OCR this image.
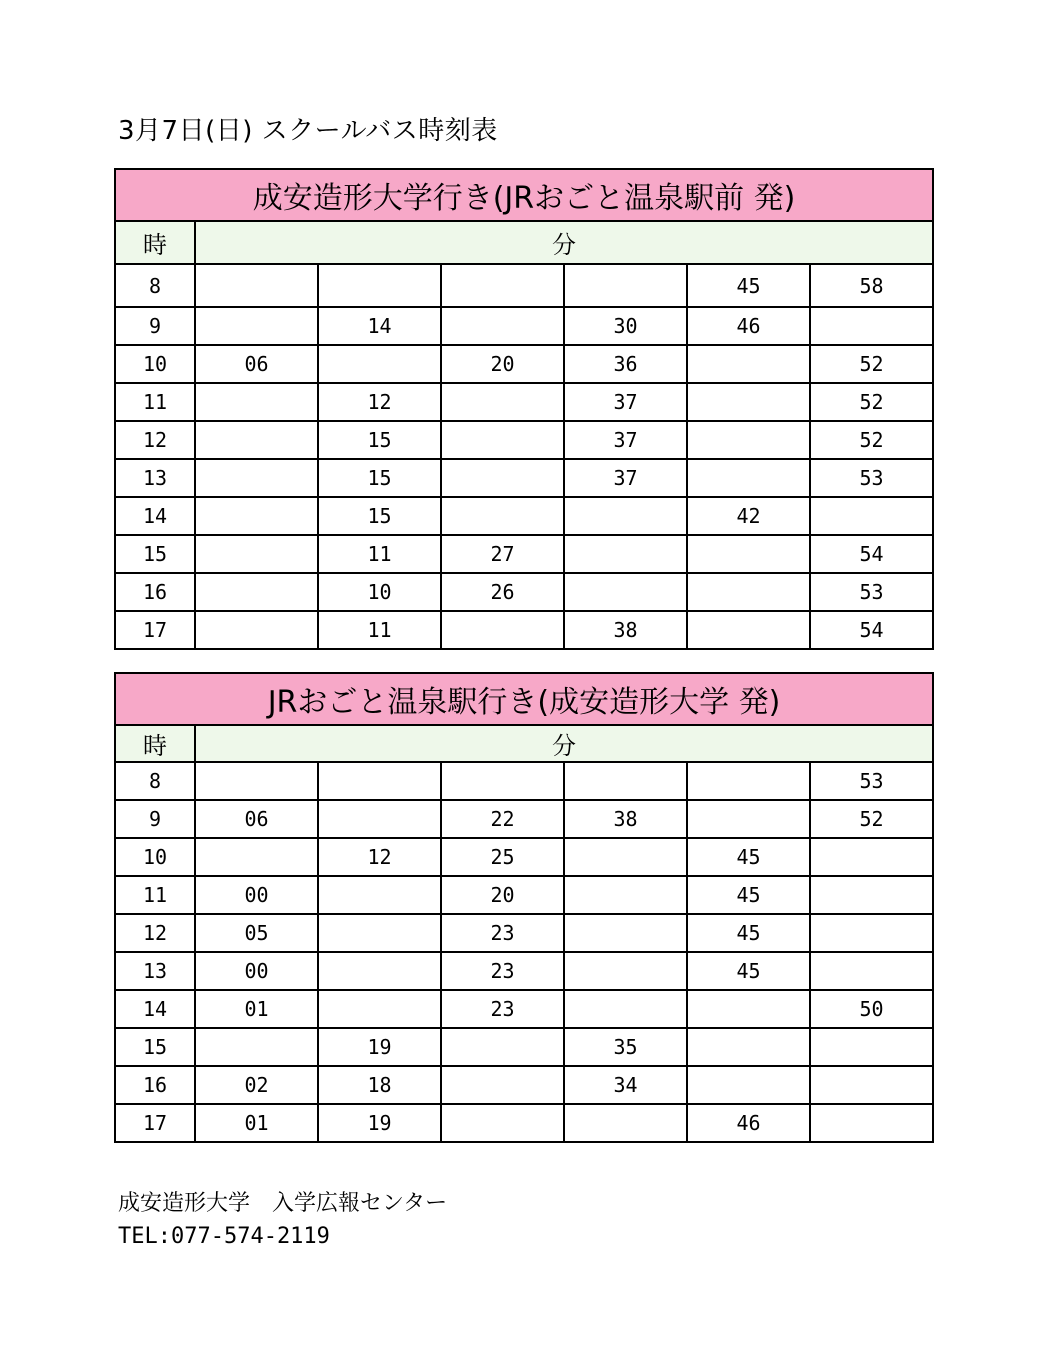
3月7日(日) スクールバス時刻表
成安造形大学行き(JRおごと温泉駅前 発)						
時	分					
8					45	58
9		14		30	46	
10	06		20	36		52
11		12		37		52
12		15		37		52
13		15		37		53
14		15			42	
15		11	27			54
16		10	26			53
17		11		38		54
JRおごと温泉駅行き(成安造形大学 発)						
時	分					
8						53
9	06		22	38		52
10		12	25		45	
11	00		20		45	
12	05		23		45	
13	00		23		45	
14	01		23			50
15		19		35		
16	02	18		34		
17	01	19			46	
成安造形大学　入学広報センター
TEL:077-574-2119
